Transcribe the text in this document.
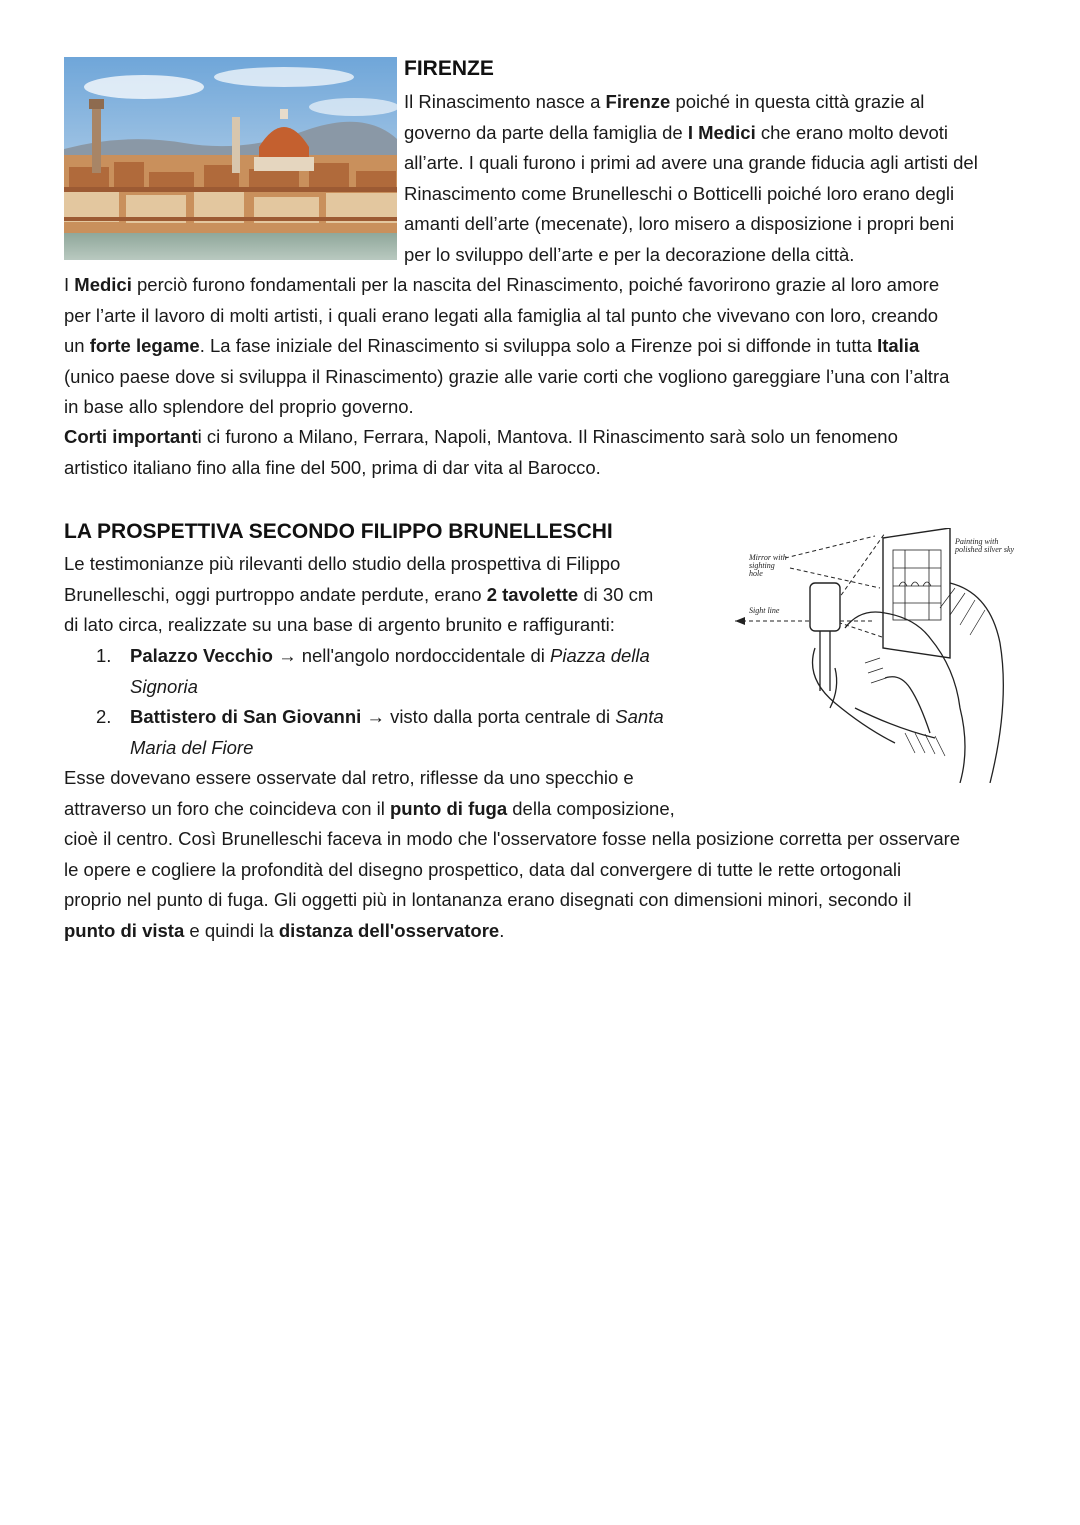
FIRENZE

Il Rinascimento nasce a Firenze poiché in questa città grazie al
governo da parte della famiglia de I Medici che erano molto devoti
all’arte. I quali furono i primi ad avere una grande fiducia agli artisti del
Rinascimento come Brunelleschi o Botticelli poiché loro erano degli
amanti dell’arte (mecenate), loro misero a disposizione i propri beni
per lo sviluppo dell’arte e per la decorazione della città.

I Medici perciò furono fondamentali per la nascita del Rinascimento, poiché favorirono grazie al loro amore
per l’arte il lavoro di molti artisti, i quali erano legati alla famiglia al tal punto che vivevano con loro, creando
un forte legame. La fase iniziale del Rinascimento si sviluppa solo a Firenze poi si diffonde in tutta Italia
(unico paese dove si sviluppa il Rinascimento) grazie alle varie corti che vogliono gareggiare l’una con l’altra
in base allo splendore del proprio governo.

Corti importanti ci furono a Milano, Ferrara, Napoli, Mantova. Il Rinascimento sarà solo un fenomeno
artistico italiano fino alla fine del 500, prima di dar vita al Barocco.

LA PROSPETTIVA SECONDO FILIPPO BRUNELLESCHI

Le testimonianze più rilevanti dello studio della prospettiva di Filippo
Brunelleschi, oggi purtroppo andate perdute, erano 2 tavolette di 30 cm
di lato circa, realizzate su una base di argento brunito e raffiguranti:

1. Palazzo Vecchio → nell'angolo nordoccidentale di Piazza della
Signoria
2. Battistero di San Giovanni → visto dalla porta centrale di Santa
Maria del Fiore

Esse dovevano essere osservate dal retro, riflesse da uno specchio e
attraverso un foro che coincideva con il punto di fuga della composizione,

cioè il centro. Così Brunelleschi faceva in modo che l'osservatore fosse nella posizione corretta per osservare
le opere e cogliere la profondità del disegno prospettico, data dal convergere di tutte le rette ortogonali
proprio nel punto di fuga. Gli oggetti più in lontananza erano disegnati con dimensioni minori, secondo il
punto di vista e quindi la distanza dell'osservatore.

Mirror with sighting hole
Sight line
Painting with polished silver sky
